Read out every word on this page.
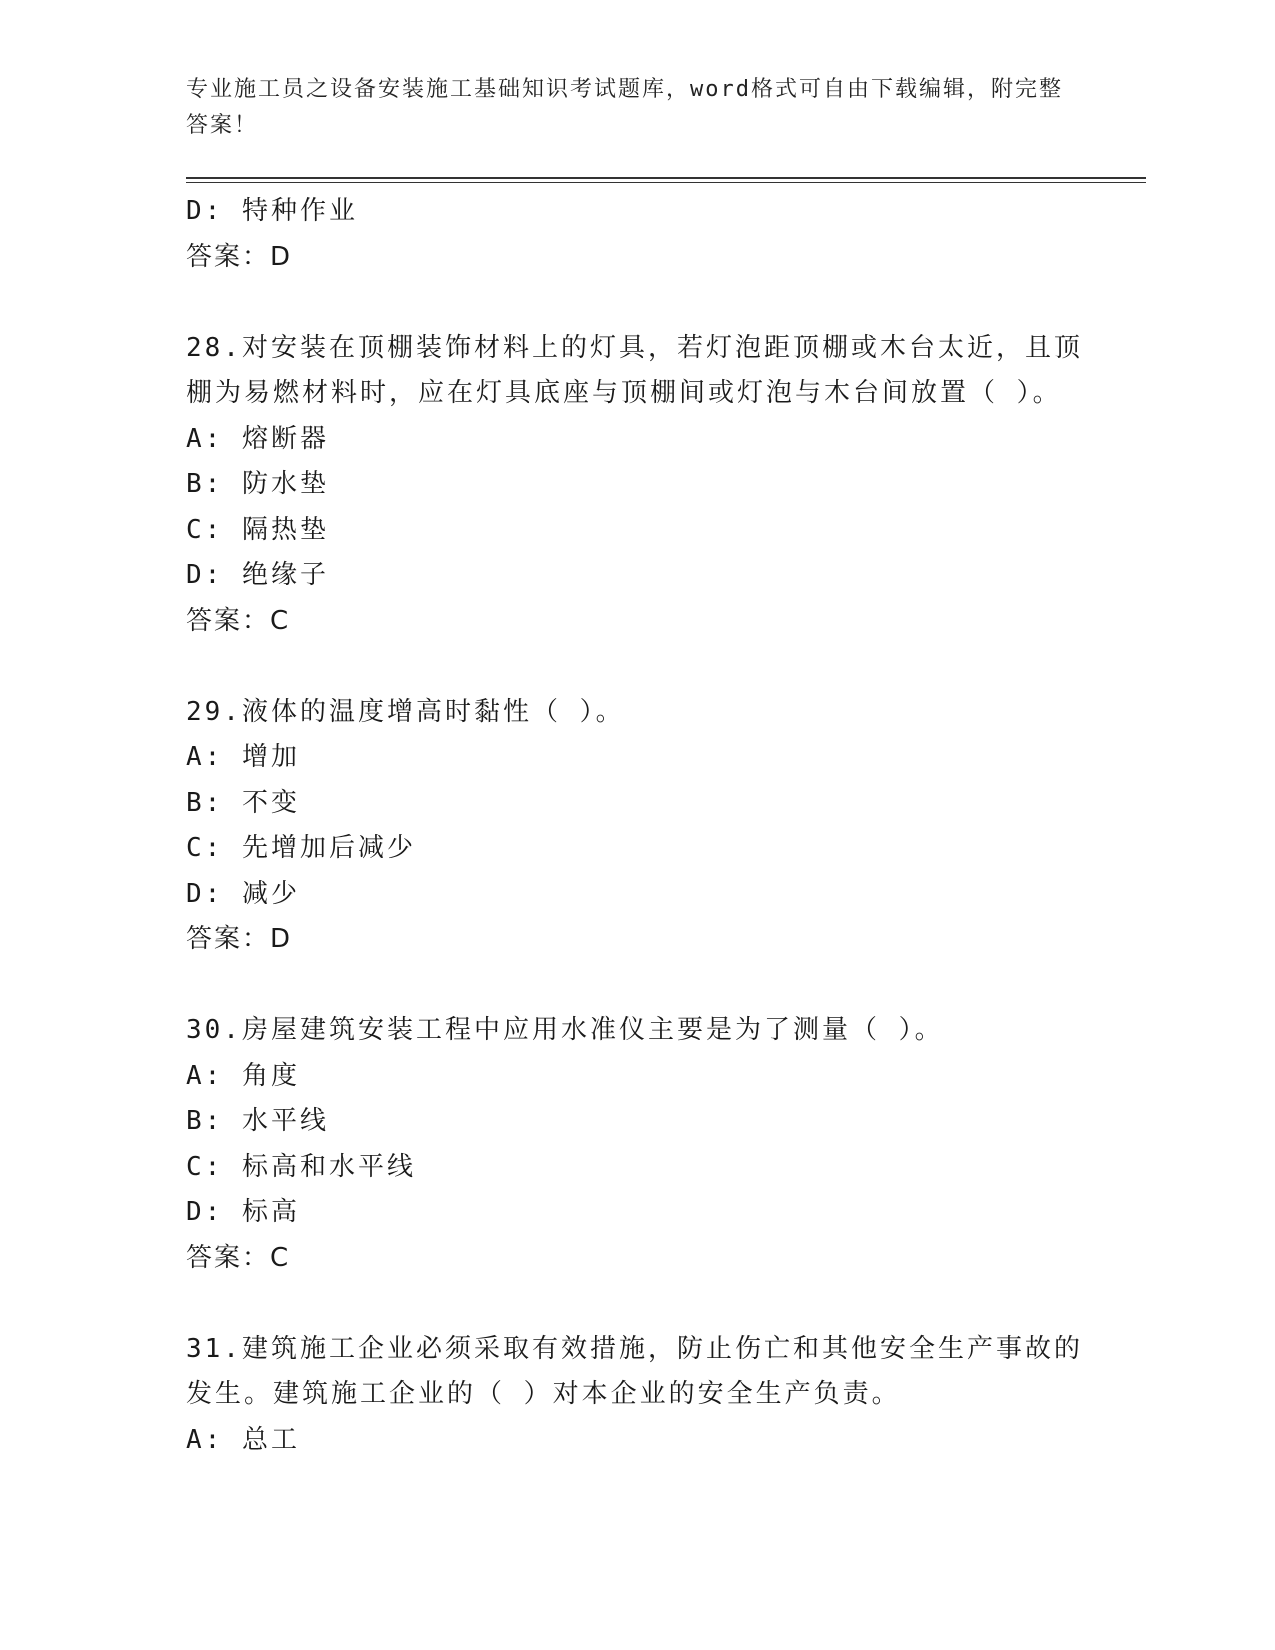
专业施工员之设备安装施工基础知识考试题库，word格式可自由下载编辑，附完整答案！
D: 特种作业
答案：D
28.对安装在顶棚装饰材料上的灯具，若灯泡距顶棚或木台太近，且顶
棚为易燃材料时，应在灯具底座与顶棚间或灯泡与木台间放置（ ）。
A: 熔断器
B: 防水垫
C: 隔热垫
D: 绝缘子
答案：C
29.液体的温度增高时黏性（ ）。
A: 增加
B: 不变
C: 先增加后减少
D: 减少
答案：D
30.房屋建筑安装工程中应用水准仪主要是为了测量（ ）。
A: 角度
B: 水平线
C: 标高和水平线
D: 标高
答案：C
31.建筑施工企业必须采取有效措施，防止伤亡和其他安全生产事故的
发生。建筑施工企业的（ ）对本企业的安全生产负责。
A: 总工
